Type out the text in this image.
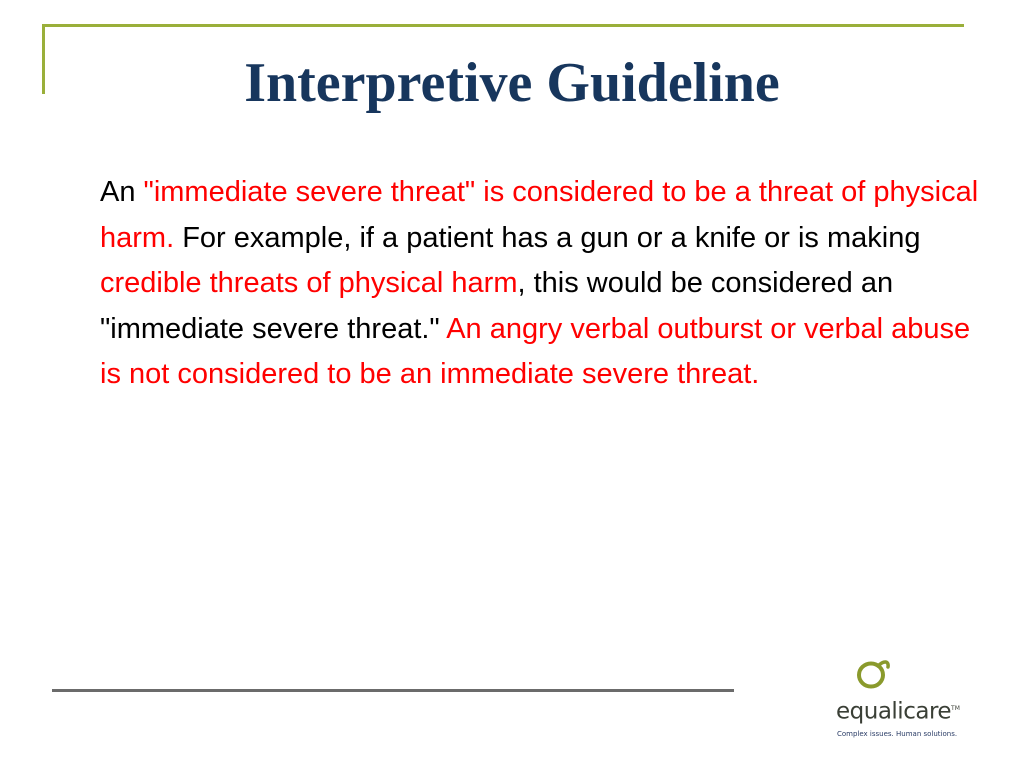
Interpretive Guideline

An "immediate severe threat" is considered to be a threat of physical harm. For example, if a patient has a gun or a knife or is making credible threats of physical harm, this would be considered an "immediate severe threat." An angry verbal outburst or verbal abuse is not considered to be an immediate severe threat.

equalicare™
Complex issues. Human solutions.
